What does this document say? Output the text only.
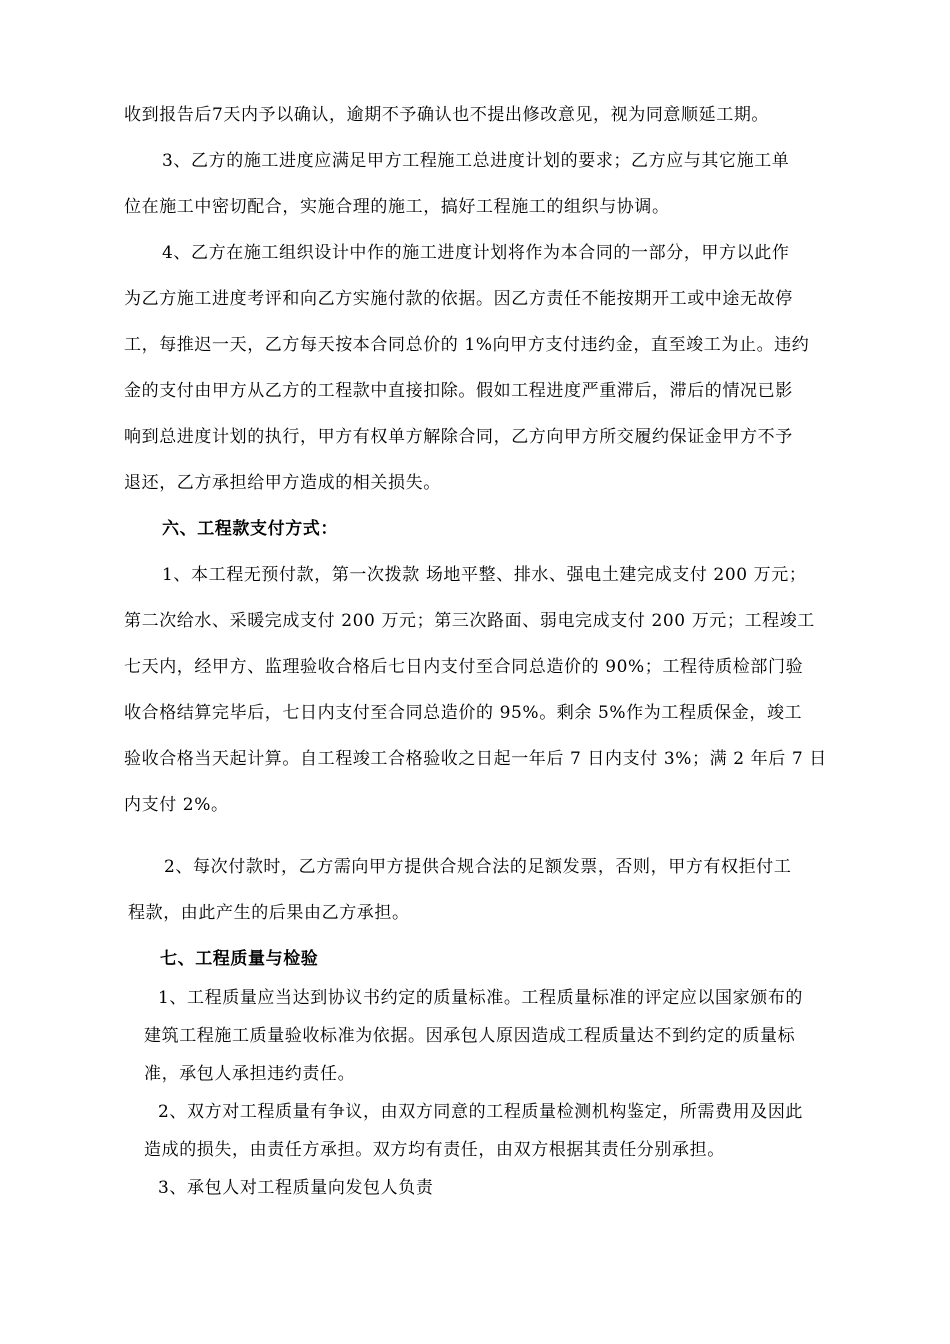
收到报告后7天内予以确认，逾期不予确认也不提出修改意见，视为同意顺延工期。
3、乙方的施工进度应满足甲方工程施工总进度计划的要求；乙方应与其它施工单
位在施工中密切配合，实施合理的施工，搞好工程施工的组织与协调。
4、乙方在施工组织设计中作的施工进度计划将作为本合同的一部分，甲方以此作
为乙方施工进度考评和向乙方实施付款的依据。因乙方责任不能按期开工或中途无故停
工，每推迟一天，乙方每天按本合同总价的 1%向甲方支付违约金，直至竣工为止。违约
金的支付由甲方从乙方的工程款中直接扣除。假如工程进度严重滞后，滞后的情况已影
响到总进度计划的执行，甲方有权单方解除合同，乙方向甲方所交履约保证金甲方不予
退还，乙方承担给甲方造成的相关损失。
六、工程款支付方式：
1、本工程无预付款，第一次拨款 场地平整、排水、强电土建完成支付 200 万元；
第二次给水、采暖完成支付 200 万元；第三次路面、弱电完成支付 200 万元；工程竣工
七天内，经甲方、监理验收合格后七日内支付至合同总造价的 90%；工程待质检部门验
收合格结算完毕后，七日内支付至合同总造价的 95%。剩余 5%作为工程质保金，竣工
验收合格当天起计算。自工程竣工合格验收之日起一年后 7 日内支付 3%；满 2 年后 7 日
内支付 2%。
2、每次付款时，乙方需向甲方提供合规合法的足额发票，否则，甲方有权拒付工
程款，由此产生的后果由乙方承担。
七、工程质量与检验
1、工程质量应当达到协议书约定的质量标准。工程质量标准的评定应以国家颁布的
建筑工程施工质量验收标准为依据。因承包人原因造成工程质量达不到约定的质量标
准，承包人承担违约责任。
2、双方对工程质量有争议，由双方同意的工程质量检测机构鉴定，所需费用及因此
造成的损失，由责任方承担。双方均有责任，由双方根据其责任分别承担。
3、承包人对工程质量向发包人负责
